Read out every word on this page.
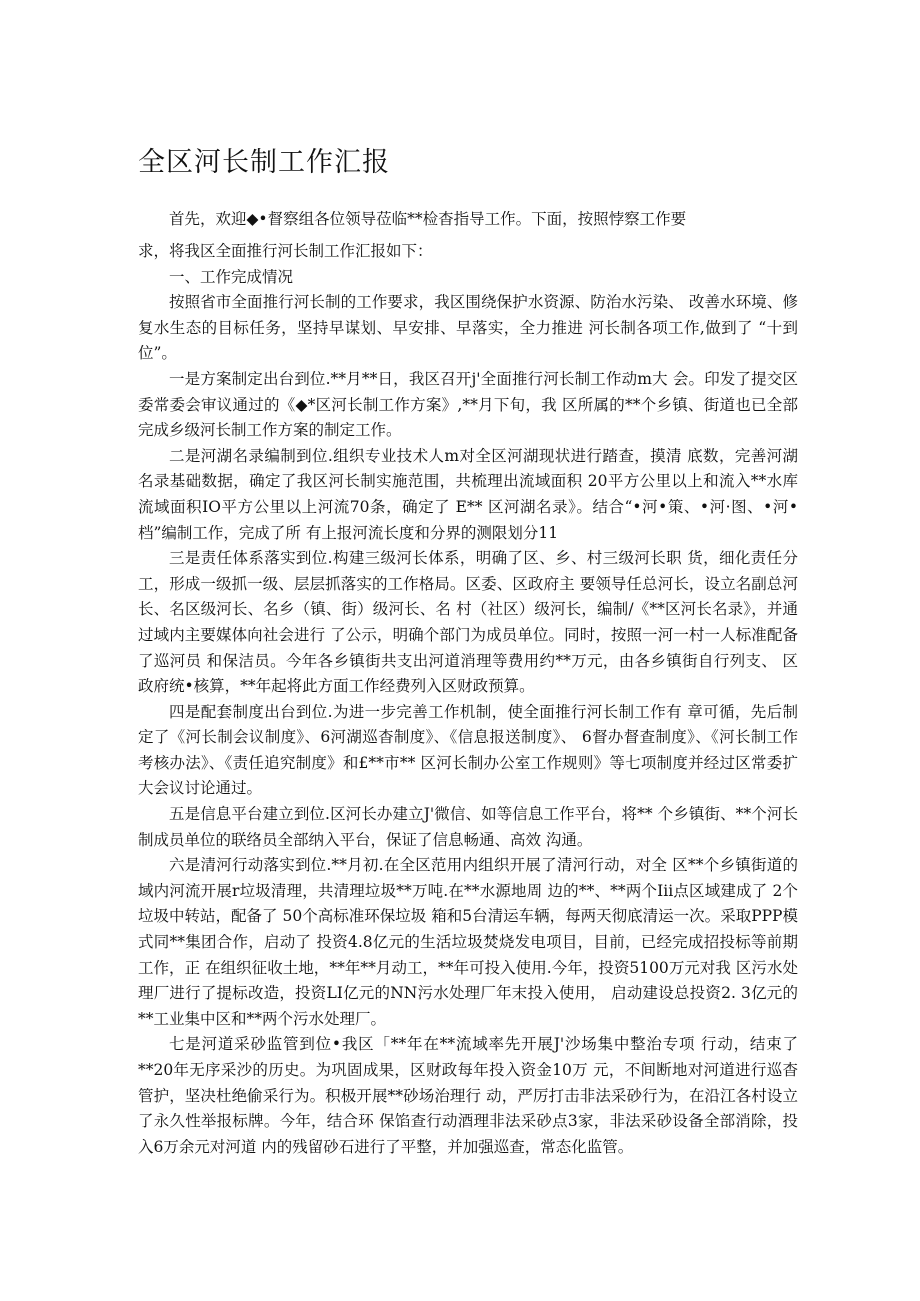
全区河长制工作汇报

首先，欢迎◆•督察组各位领导莅临**检杳指导工作。下面，按照悖察工作要

求，将我区全面推行河长制工作汇报如下：

一、工作完成情况

按照省市全面推行河长制的工作要求，我区围绕保护水资源、防治水污染、 改善水环境、修复水生态的目标任务，坚持早谋划、早安排、早落实，全力推进 河长制各项工作,做到了 “十到位”。

一是方案制定出台到位.**月**日，我区召开j'全面推行河长制工作动m大 会。印发了提交区委常委会审议通过的《◆*区河长制工作方案》,**月下旬，我 区所属的**个乡镇、街道也已全部完成乡级河长制工作方案的制定工作。

二是河湖名录编制到位.组织专业技术人m对全区河湖现状进行踏查，摸清 底数，完善河湖名录基础数据，确定了我区河长制实施范围，共梳理出流域面积 20平方公里以上和流入**水库流域面积IO平方公里以上河流70条，确定了 E** 区河湖名录》。结合“•河•策、•河·图、•河•档”编制工作，完成了所 有上报河流长度和分界的测限划分11

三是责任体系落实到位.构建三级河长体系，明确了区、乡、村三级河长职 货，细化责任分工，形成一级抓一级、层层抓落实的工作格局。区委、区政府主 要领导任总河长，设立名副总河长、名区级河长、名乡（镇、街）级河长、名 村（社区）级河长，编制/《**区河长名录》，并通过域内主要媒体向社会进行 了公示，明确个部门为成员单位。同时，按照一河一村一人标准配备了巡河员 和保洁员。今年各乡镇街共支出河道消理等费用约**万元，由各乡镇街自行列支、 区政府统•核算，**年起将此方面工作经费列入区财政预算。

四是配套制度出台到位.为进一步完善工作机制，使全面推行河长制工作有 章可循，先后制定了《河长制会议制度》、6河湖巡杳制度》、《信息报送制度》、 6督办督查制度》、《河长制工作考核办法》、《责任追究制度》和£**市** 区河长制办公室工作规则》等七项制度并经过区常委扩大会议讨论通过。

五是信息平台建立到位.区河长办建立J'微信、如等信息工作平台，将** 个乡镇街、**个河长制成员单位的联络员全部纳入平台，保证了信息畅通、高效 沟通。

六是清河行动落实到位.**月初.在全区范用内组织开展了清河行动，对全 区**个乡镇街道的域内河流开展r垃圾清理，共清理垃圾**万吨.在**水源地周 边的**、**两个Iii点区域建成了 2个垃圾中转站，配备了 50个高标准环保垃圾 箱和5台清运车辆，每两天彻底清运一次。采取PPP模式同**集团合作，启动了 投资4.8亿元的生活垃圾焚烧发电项目，目前，已经完成招投标等前期工作，正 在组织征收土地，**年**月动工，**年可投入使用.今年，投资5100万元对我 区污水处理厂进行了提标改造，投资LI亿元的NN污水处理厂年末投入使用， 启动建设总投资2. 3亿元的**工业集中区和**两个污水处理厂。

七是河道采砂监管到位•我区「**年在**流域率先开展J'沙场集中整治专项 行动，结束了**20年无序采沙的历史。为巩固成果，区财政每年投入资金10万 元，不间断地对河道进行巡杳管护，坚决杜绝偷采行为。积极开展**砂场治理行 动，严厉打击非法采砂行为，在沿江各村设立了永久性举报标牌。今年，结合环 保馅查行动酒理非法采砂点3家，非法采砂设备全部消除，投入6万余元对河道 内的残留砂石进行了平整，并加强巡查，常态化监管。
